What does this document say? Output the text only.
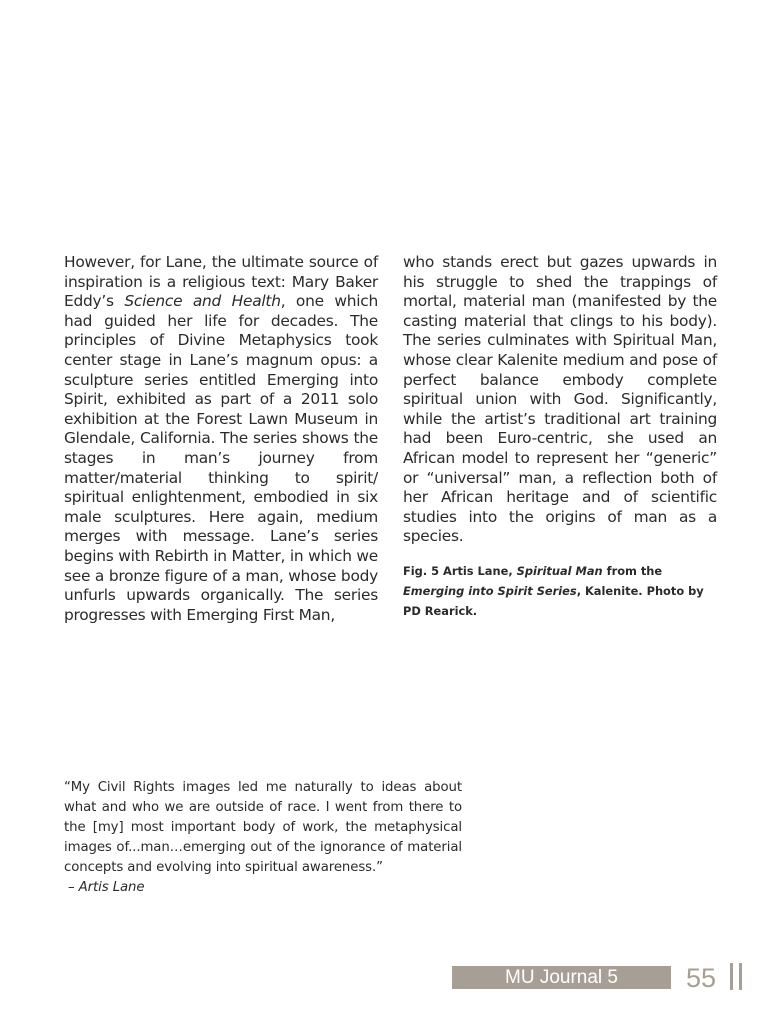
However, for Lane, the ultimate source of inspiration is a religious text: Mary Baker Eddy’s Science and Health, one which had guided her life for decades. The principles of Divine Metaphysics took center stage in Lane’s magnum opus: a sculpture series entitled Emerging into Spirit, exhibited as part of a 2011 solo exhibition at the Forest Lawn Museum in Glendale, California. The series shows the stages in man’s journey from matter/material thinking to spirit/ spiritual enlightenment, embodied in six male sculptures. Here again, medium merges with message. Lane’s series begins with Rebirth in Matter, in which we see a bronze figure of a man, whose body unfurls upwards organically. The series progresses with Emerging First Man,

who stands erect but gazes upwards in his struggle to shed the trappings of mortal, material man (manifested by the casting material that clings to his body). The series culminates with Spiritual Man, whose clear Kalenite medium and pose of perfect balance embody complete spiritual union with God. Significantly, while the artist’s traditional art training had been Euro-centric, she used an African model to represent her “generic” or “universal” man, a reflection both of her African heritage and of scientific studies into the origins of man as a species.

Fig. 5 Artis Lane, Spiritual Man from the Emerging into Spirit Series, Kalenite. Photo by PD Rearick.

“My Civil Rights images led me naturally to ideas about what and who we are outside of race. I went from there to the [my] most important body of work, the metaphysical images of...man…emerging out of the ignorance of material concepts and evolving into spiritual awareness.”

– Artis Lane
MU Journal 5	55
